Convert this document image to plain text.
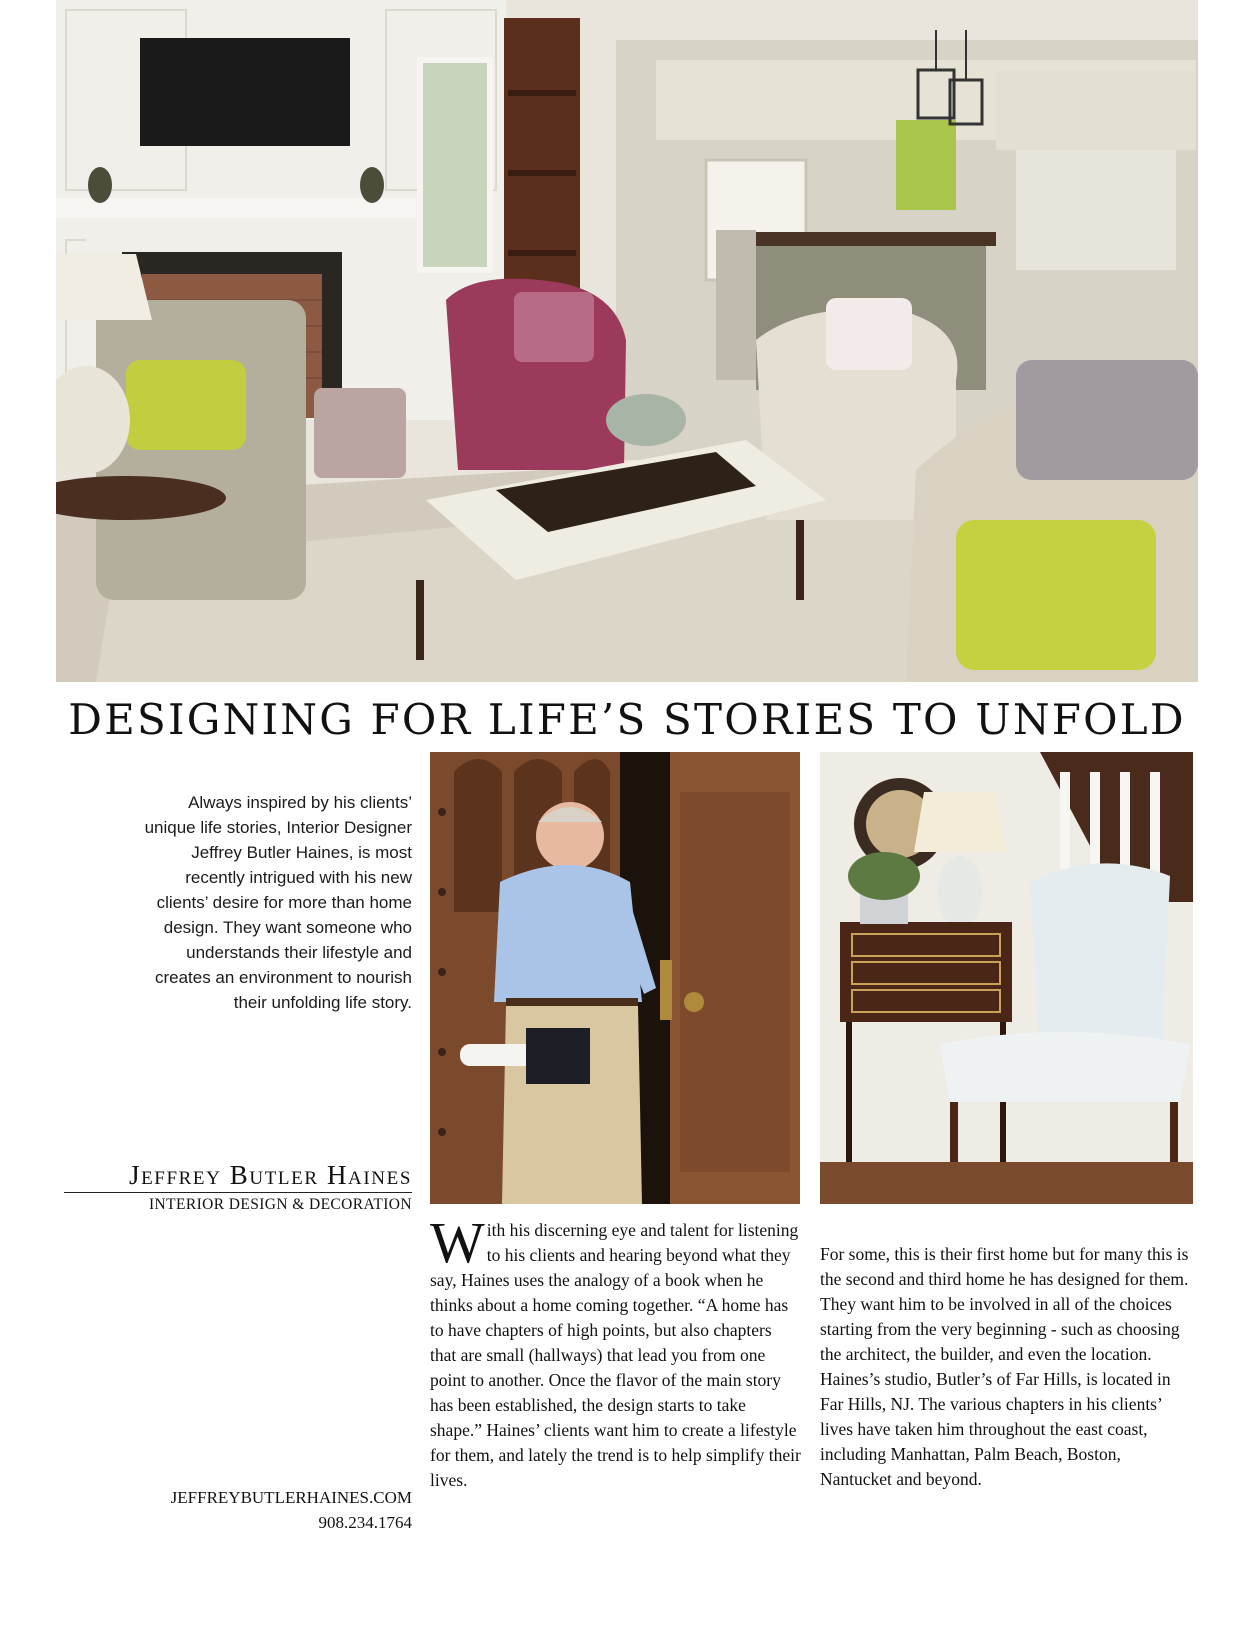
DESIGNING FOR LIFE’S STORIES TO UNFOLD
Always inspired by his clients’ unique life stories, Interior Designer Jeffrey Butler Haines, is most recently intrigued with his new clients’ desire for more than home design. They want someone who understands their lifestyle and creates an environment to nourish their unfolding life story.
Jeffrey Butler Haines
INTERIOR DESIGN & DECORATION
With his discerning eye and talent for listening to his clients and hearing beyond what they say, Haines uses the analogy of a book when he thinks about a home coming together. “A home has to have chapters of high points, but also chapters that are small (hallways) that lead you from one point to another. Once the flavor of the main story has been established, the design starts to take shape.” Haines’ clients want him to create a lifestyle for them, and lately the trend is to help simplify their lives.
For some, this is their first home but for many this is the second and third home he has designed for them. They want him to be involved in all of the choices starting from the very beginning - such as choosing the architect, the builder, and even the location. Haines’s studio, Butler’s of Far Hills, is located in Far Hills, NJ. The various chapters in his clients’ lives have taken him throughout the east coast, including Manhattan, Palm Beach, Boston, Nantucket and beyond.
JEFFREYBUTLERHAINES.COM
908.234.1764
